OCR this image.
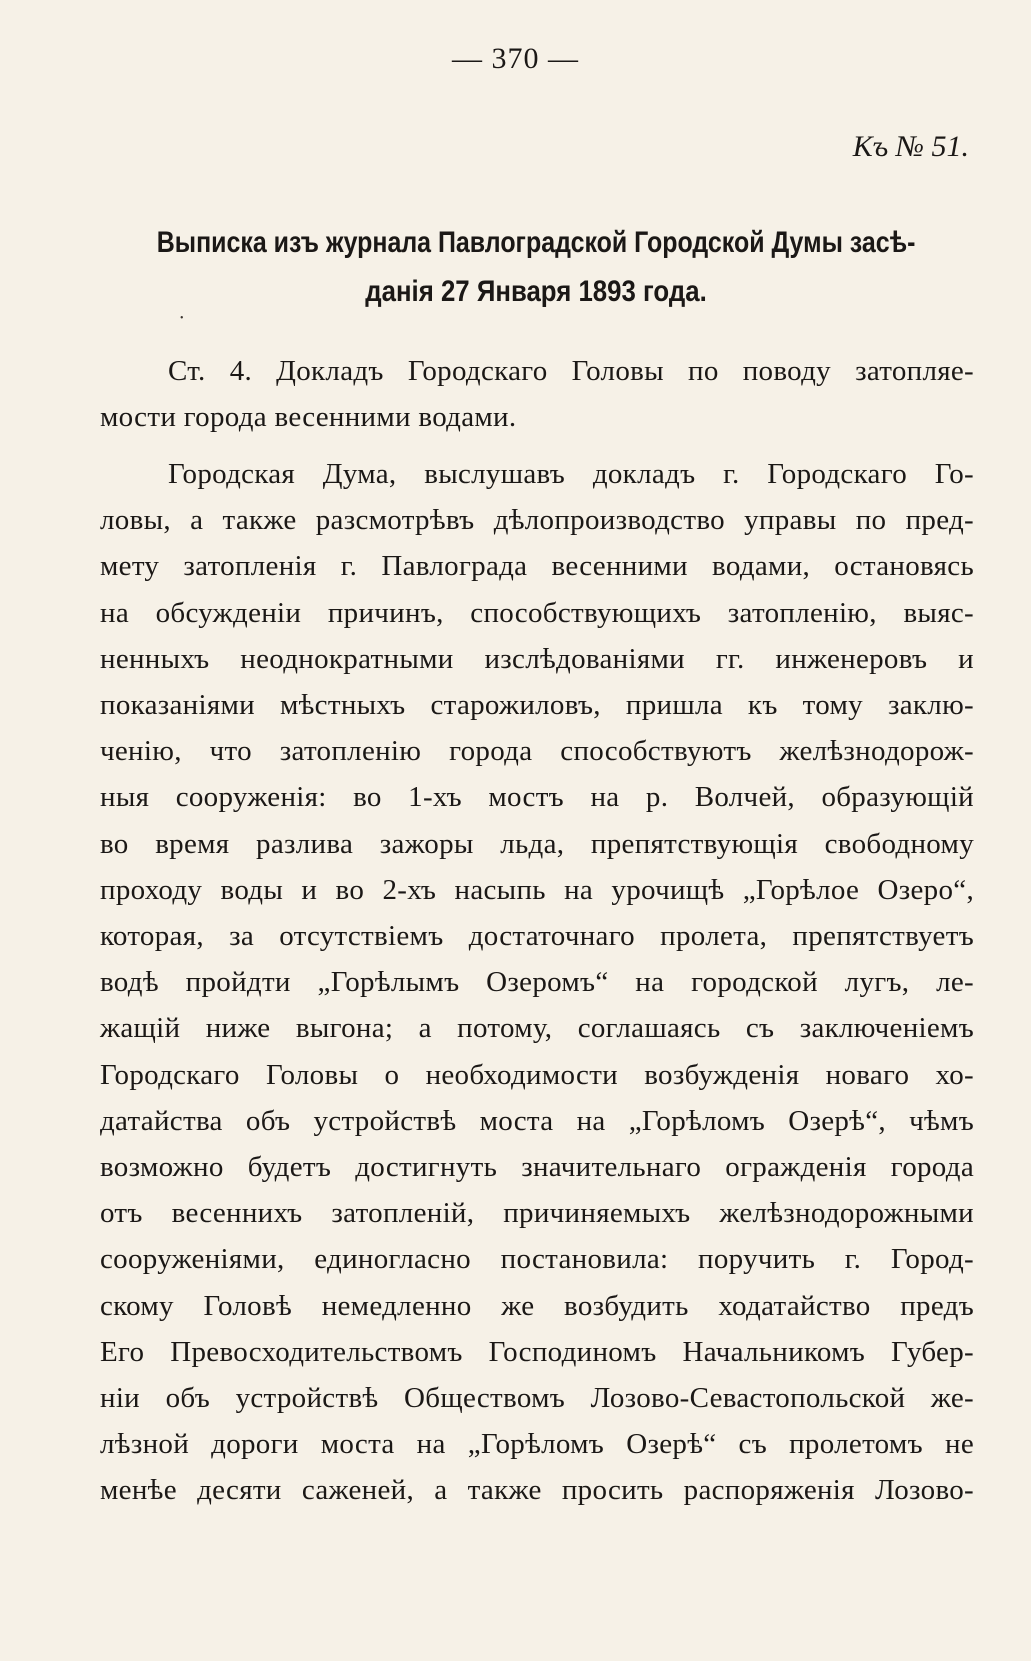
— 370 —
Къ № 51.
Выписка изъ журнала Павлоградской Городской Думы засѣ-
данія 27 Января 1893 года.
•
Ст. 4. Докладъ Городскаго Головы по поводу затопляе-
мости города весенними водами.
Городская Дума, выслушавъ докладъ г. Городскаго Го-
ловы, а также разсмотрѣвъ дѣлопроизводство управы по пред-
мету затопленія г. Павлограда весенними водами, остановясь
на обсужденіи причинъ, способствующихъ затопленію, выяс-
ненныхъ неоднократными изслѣдованіями гг. инженеровъ и
показаніями мѣстныхъ старожиловъ, пришла къ тому заклю-
ченію, что затопленію города способствуютъ желѣзнодорож-
ныя сооруженія: во 1-хъ мостъ на р. Волчей, образующій
во время разлива зажоры льда, препятствующія свободному
проходу воды и во 2-хъ насыпь на урочищѣ „Горѣлое Озеро“,
которая, за отсутствіемъ достаточнаго пролета, препятствуетъ
водѣ пройдти „Горѣлымъ Озеромъ“ на городской лугъ, ле-
жащій ниже выгона; а потому, соглашаясь съ заключеніемъ
Городскаго Головы о необходимости возбужденія новаго хо-
датайства объ устройствѣ моста на „Горѣломъ Озерѣ“, чѣмъ
возможно будетъ достигнуть значительнаго огражденія города
отъ весеннихъ затопленій, причиняемыхъ желѣзнодорожными
сооруженіями, единогласно постановила: поручить г. Город-
скому Головѣ немедленно же возбудить ходатайство предъ
Его Превосходительствомъ Господиномъ Начальникомъ Губер-
ніи объ устройствѣ Обществомъ Лозово-Севастопольской же-
лѣзной дороги моста на „Горѣломъ Озерѣ“ съ пролетомъ не
менѣе десяти саженей, а также просить распоряженія Лозово-
